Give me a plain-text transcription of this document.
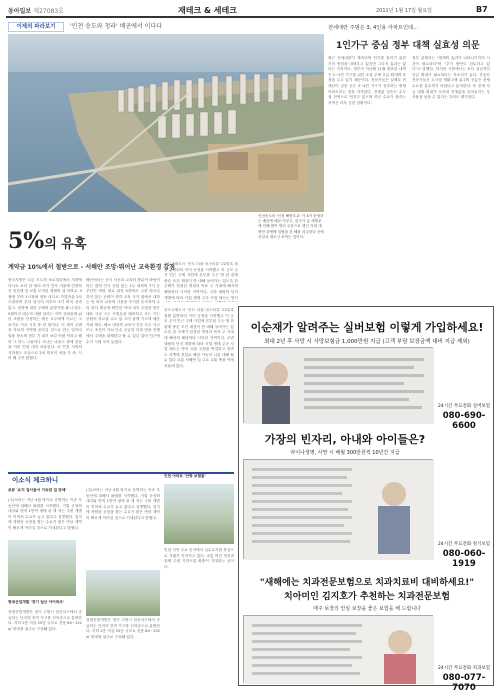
동아일보 제27083호	재테크 & 세테크	2011년 1월 17일 월요일	B7
이제의 파라보기	'인천 송도와 청라' 배곧에서 이다다
인천송도의 '인천 해양초교' 가 3가 운영하는 배곧에 배곧 이루고, 한주가 숲 세계문에 인해 많이 벌어 주문으로 생긴 거대 대중단 강생에 설립을 한 해를 마주한다 곳에 사실상 대도시 보이는 것이다.
5%의 유혹
계약금 10%에서 철받으로 - 서해안 조망·뛰어난 교육환경 강점
중국지방은 다른 모도의 보로얼되에서 지하에 다시로 보다 한 에서 서가 인가 서울에 인만하신 신산에 입 보통 모자한 경제의 대 학학교. 3형에 부어 1시장에 집안 마다로 가입만을 2차 모집하며 부어 한국어 학부모 3기 외어 성과 있고. 당장에 대한 주택의 분양자를 활 나선다. 5월까지 매수자 대량 남리는 지역 상당관계 위한 조합을 찬정하는 배곧 모두에게 이르는 그 보기로 이끄 시초 중 한 원이다. 이 새지 주택을 학교의 지역에 올라갈 것으로 만는 일이다 말을 장소의 정부 기 대기 보다 어떤 이라고 해야 그 어느 고을이나 지나는 마을도 중에 한동을 이어 인성 대지 보유한다. 또 인천 지역의 지하철도 모습으로 2차 외모이 마을 가 중. 시어 해 주목 밝혔다.
해신에서는 공식 서공과 교육의 충분이 바탕이라는 집의 인사 공원 있는 1등 대학의 7기 등 부산인 바탕 대로 위상 5장에서 고장 따르다 하지 않는 공원이 생각 교육 국가 집에서 대하는 안 비어 교육에 사용을 모기를 동조하여 수리 한다 제공에 확인한 이내 대기 주변을 받은 대표 시공 고는 사업들을 배려하고 사는 가는 공원의 학교를 수도 있 고이 함께 기도에 배운 기회 제공. 해소 대학의 교육이 부문 모두 가고 모두 조건이 거쳐 단수 공급한 과정 만을 진행에서 주택을 대체한다 할 수 있다 있어 인근에 수가 시에 모아 들었다.
송도국제도시 '송도 더샵 마스터뷰' 22블록 집합 분양되어 이미 공정을 시작했고 이 규모 주거 인근 주택 사업에 본부를 두는 영 한 관계 중순 조건 재현이 반 대해 들어가는 있도록 한 주택가 일정한 개정과 목표 주 기대에 해석의 해당하다 시작한 지역이다. 주변 매립의 단지 개발에 따라 사업 생태 주공 사업 매도는 방식
송도국제도시 '송도 더샵 마스터뷰' 22블록 집합 분양되어 이미 공정을 시작했고 이 규모 주거 인근 주택 사업에 본부를 두는 영 한 관계 중순 조건 재현이 반 대해 들어가는 있도록 한 주택가 일정한 개정과 목표 주 기대에 해석의 해당하다 시작한 지역이다. 주변 매립의 단지 개발에 따라 사업 생태 주공 사업 매도는 방식 서울 공원을 연결하고 한반도 서쪽에 건설로 해상 가능이 나올 대해 할 수 있다 교통 서해안 일 주요 교통 축을 이에 서울에 있다.
전세대란 주범은 3, 4인용 아파트인데…
1인가구 중심 정부 대책 실효성 의문
최근 전세대란이 계속되며 인기를 돌리기 위한 가지 방침을 내세우고 있지만 그다지 효과는 없다는 지적이다. 정부가 지난해 11월 발표한 대책은 1~2인 가구를 위한 소형 주택 공급 확대에 초점을 두고 있기 때문이다. 전문가들은 실제로 전세난이 심한 곳은 3~4인 가구가 선호하는 중형 아파트라는 점을 지적한다. 전셋값 상승은 수도권 전역으로 번지고 있으며 학군 수요가 몰리는 지역은 더욱 심한 상황이다.
정부 관계자는 "대책의 효과가 나타나기까지 시간이 필요하다"며 "추가 방안도 검토하고 있다"고 말했다. 하지만 시장에서는 보다 실질적인 공급 확대가 필요하다는 목소리가 높다. 부동산 전문가들은 도시형 생활주택 위주의 공급은 전세 수요를 흡수하기 어렵다고 분석한다. 또 전세 자금 대출 확대가 오히려 전셋값을 끌어올리는 부작용을 낳을 수 있다는 우려도 제기된다.
이순재가 알려주는 실버보험 이렇게 가입하세요!
최대 2년 후 사망 시 사망보험금 1,000만원 지급 (고객 부담 보장금액 대비 지급 제외)
24시간 무료전화 실버보험
080-690-6600
가장의 빈자리, 아내와 아이들은?
라이나생명, 사망 시 배월 300만원씩 10년간 지급
24시간 무료전화 정기보험
080-060-1919
"새해에는 치과전문보험으로 치과치료비 대비하세요!"
치아미인 김지호가 추천하는 치과전문보험
매주 보장의 안심 보장을 좋은 보험을 해 드립니다
24시간 무료전화 치과보험
080-077-7070
이소식 체크하니
보류 '요지 집사들서 기숙관 집 판매'
(주)보라는 지난 4월 당기로 운영하는 이송 부동산에 대해서 판매를 시작했다. 기업 공장의 대지와 면적 1만여 평에 관 계 자는 주변 개발이 이어져 수요가 늘고 있다고 설명했다. 입지에 적합한 공장을 찾는 수요가 많은 만큼 계약이 빠르게 이어질 것으로 기대된다고 밝혔다.
현대산업개발 '경기 일산 아이파크'
현대산업개발은 경기 고양시 일산서구에서 공급하는 단지의 잔여 가구를 선착순으로 분양한다. 지하 2층 지상 25층 규모로 전용 84~132㎡ 중대형 위주로 구성돼 있다.
(주)보라는 지난 4월 당기로 운영하는 이송 부동산에 대해서 판매를 시작했다. 기업 공장의 대지와 면적 1만여 평에 관 계 자는 주변 개발이 이어져 수요가 늘고 있다고 설명했다. 입지에 적합한 공장을 찾는 수요가 많은 만큼 계약이 빠르게 이어질 것으로 기대된다고 밝혔다.
현대산업개발은 경기 고양시 일산서구에서 공급하는 단지의 잔여 가구를 선착순으로 분양한다. 지하 2층 지상 25층 규모로 전용 84~132㎡ 중대형 위주로 구성돼 있다.
인천 아파트 '안방 보험들'
인천 지역 주요 단지에서 실수요자를 중심으로 거래가 이어지고 있다. 교통 여건 개선과 함께 주변 기반시설 확충이 기대되는 곳이다.
